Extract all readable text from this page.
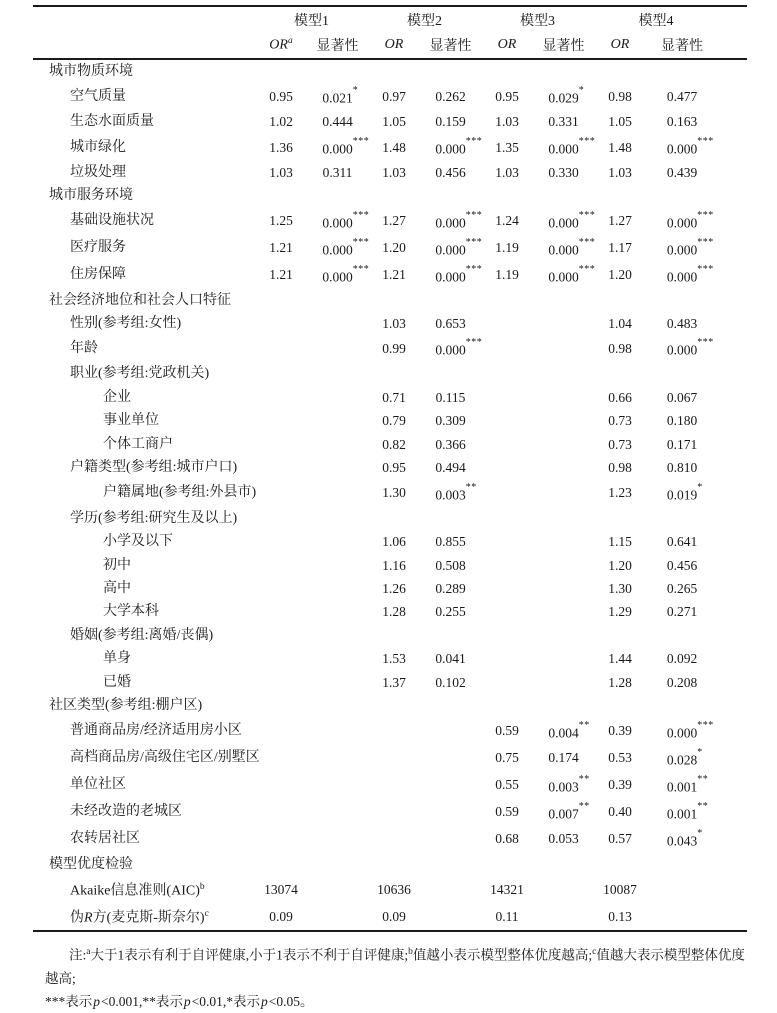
	模型1		模型2		模型3		模型4		
	$OR^a$	显著性	OR	显著性	OR	显著性	OR	显著性	
城市物质环境									
空气质量	0.95	0.021*	0.97	0.262	0.95	0.029*	0.98	0.477	
生态水面质量	1.02	0.444	1.05	0.159	1.03	0.331	1.05	0.163	
城市绿化	1.36	0.000***	1.48	0.000***	1.35	0.000***	1.48	0.000***	
垃圾处理	1.03	0.311	1.03	0.456	1.03	0.330	1.03	0.439	
城市服务环境									
基础设施状况	1.25	0.000***	1.27	0.000***	1.24	0.000***	1.27	0.000***	
医疗服务	1.21	0.000***	1.20	0.000***	1.19	0.000***	1.17	0.000***	
住房保障	1.21	0.000***	1.21	0.000***	1.19	0.000***	1.20	0.000***	
社会经济地位和社会人口特征									
性别(参考组:女性)			1.03	0.653			1.04	0.483	
年龄			0.99	0.000***			0.98	0.000***	
职业(参考组:党政机关)									
企业			0.71	0.115			0.66	0.067	
事业单位			0.79	0.309			0.73	0.180	
个体工商户			0.82	0.366			0.73	0.171	
户籍类型(参考组:城市户口)			0.95	0.494			0.98	0.810	
户籍属地(参考组:外县市)			1.30	0.003**			1.23	0.019*	
学历(参考组:研究生及以上)									
小学及以下			1.06	0.855			1.15	0.641	
初中			1.16	0.508			1.20	0.456	
高中			1.26	0.289			1.30	0.265	
大学本科			1.28	0.255			1.29	0.271	
婚姻(参考组:离婚/丧偶)									
单身			1.53	0.041			1.44	0.092	
已婚			1.37	0.102			1.28	0.208	
社区类型(参考组:棚户区)									
普通商品房/经济适用房小区					0.59	0.004**	0.39	0.000***	
高档商品房/高级住宅区/别墅区					0.75	0.174	0.53	0.028*	
单位社区					0.55	0.003**	0.39	0.001**	
未经改造的老城区					0.59	0.007**	0.40	0.001**	
农转居社区					0.68	0.053	0.57	0.043*	
模型优度检验									
Akaike信息准则(AIC)$^b$	13074		10636		14321		10087		
伪R方(麦克斯-斯奈尔)$^c$	0.09		0.09		0.11		0.13		
注:$^a$大于1表示有利于自评健康,小于1表示不利于自评健康;$^b$值越小表示模型整体优度越高;$^c$值越大表示模型整体优度越高;
***表示p<0.001,**表示p<0.01,*表示p<0.05。
